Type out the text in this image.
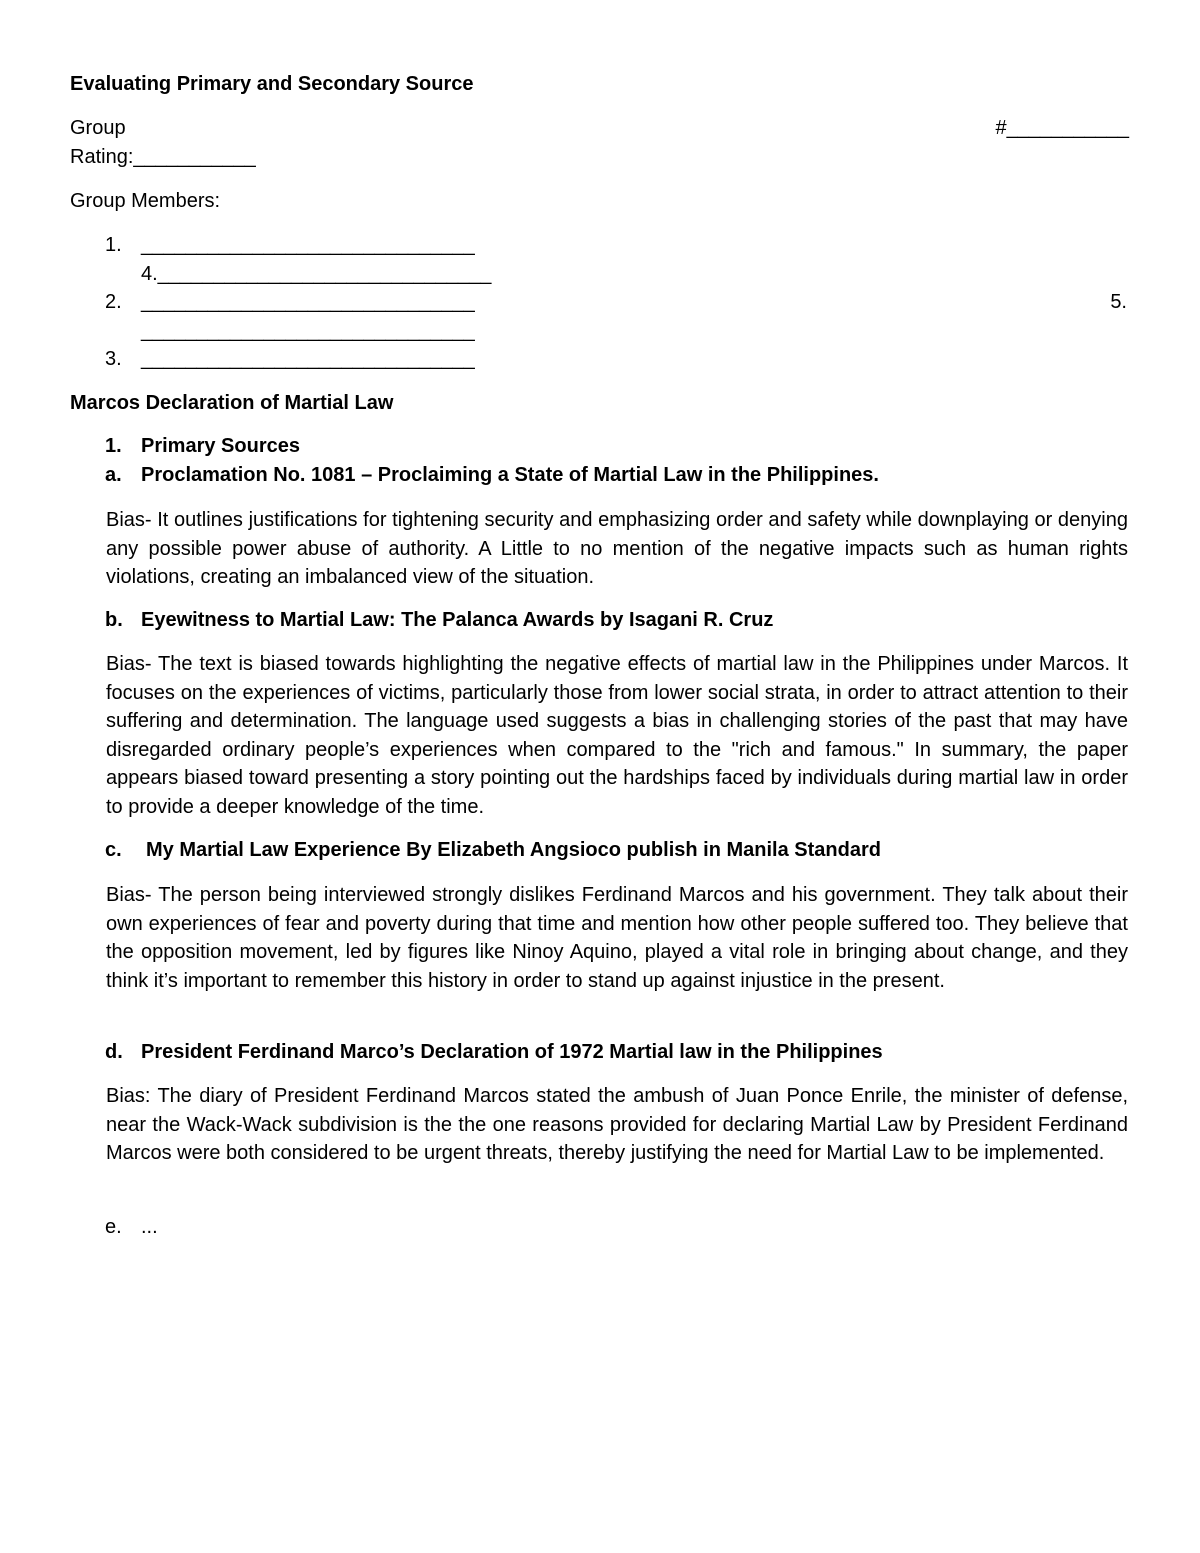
Evaluating Primary and Secondary Source
Group	#___________
Rating:___________
Group Members:
1. ______________________________
4.______________________________
2. ______________________________	5.
______________________________
3. ______________________________
Marcos Declaration of Martial Law
1. Primary Sources
a. Proclamation No. 1081 – Proclaiming a State of Martial Law in the Philippines.
Bias- It outlines justifications for tightening security and emphasizing order and safety while downplaying or denying any possible power abuse of authority. A Little to no mention of the negative impacts such as human rights violations, creating an imbalanced view of the situation.
b. Eyewitness to Martial Law: The Palanca Awards by Isagani R. Cruz
Bias- The text is biased towards highlighting the negative effects of martial law in the Philippines under Marcos. It focuses on the experiences of victims, particularly those from lower social strata, in order to attract attention to their suffering and determination. The language used suggests a bias in challenging stories of the past that may have disregarded ordinary people’s experiences when compared to the "rich and famous." In summary, the paper appears biased toward presenting a story pointing out the hardships faced by individuals during martial law in order to provide a deeper knowledge of the time.
c. My Martial Law Experience By Elizabeth Angsioco publish in Manila Standard
Bias- The person being interviewed strongly dislikes Ferdinand Marcos and his government. They talk about their own experiences of fear and poverty during that time and mention how other people suffered too. They believe that the opposition movement, led by figures like Ninoy Aquino, played a vital role in bringing about change, and they think it’s important to remember this history in order to stand up against injustice in the present.
d. President Ferdinand Marco’s Declaration of 1972 Martial law in the Philippines
Bias: The diary of President Ferdinand Marcos stated the ambush of Juan Ponce Enrile, the minister of defense, near the Wack-Wack subdivision is the the one reasons provided for declaring Martial Law by President Ferdinand Marcos were both considered to be urgent threats, thereby justifying the need for Martial Law to be implemented.
e. ...
